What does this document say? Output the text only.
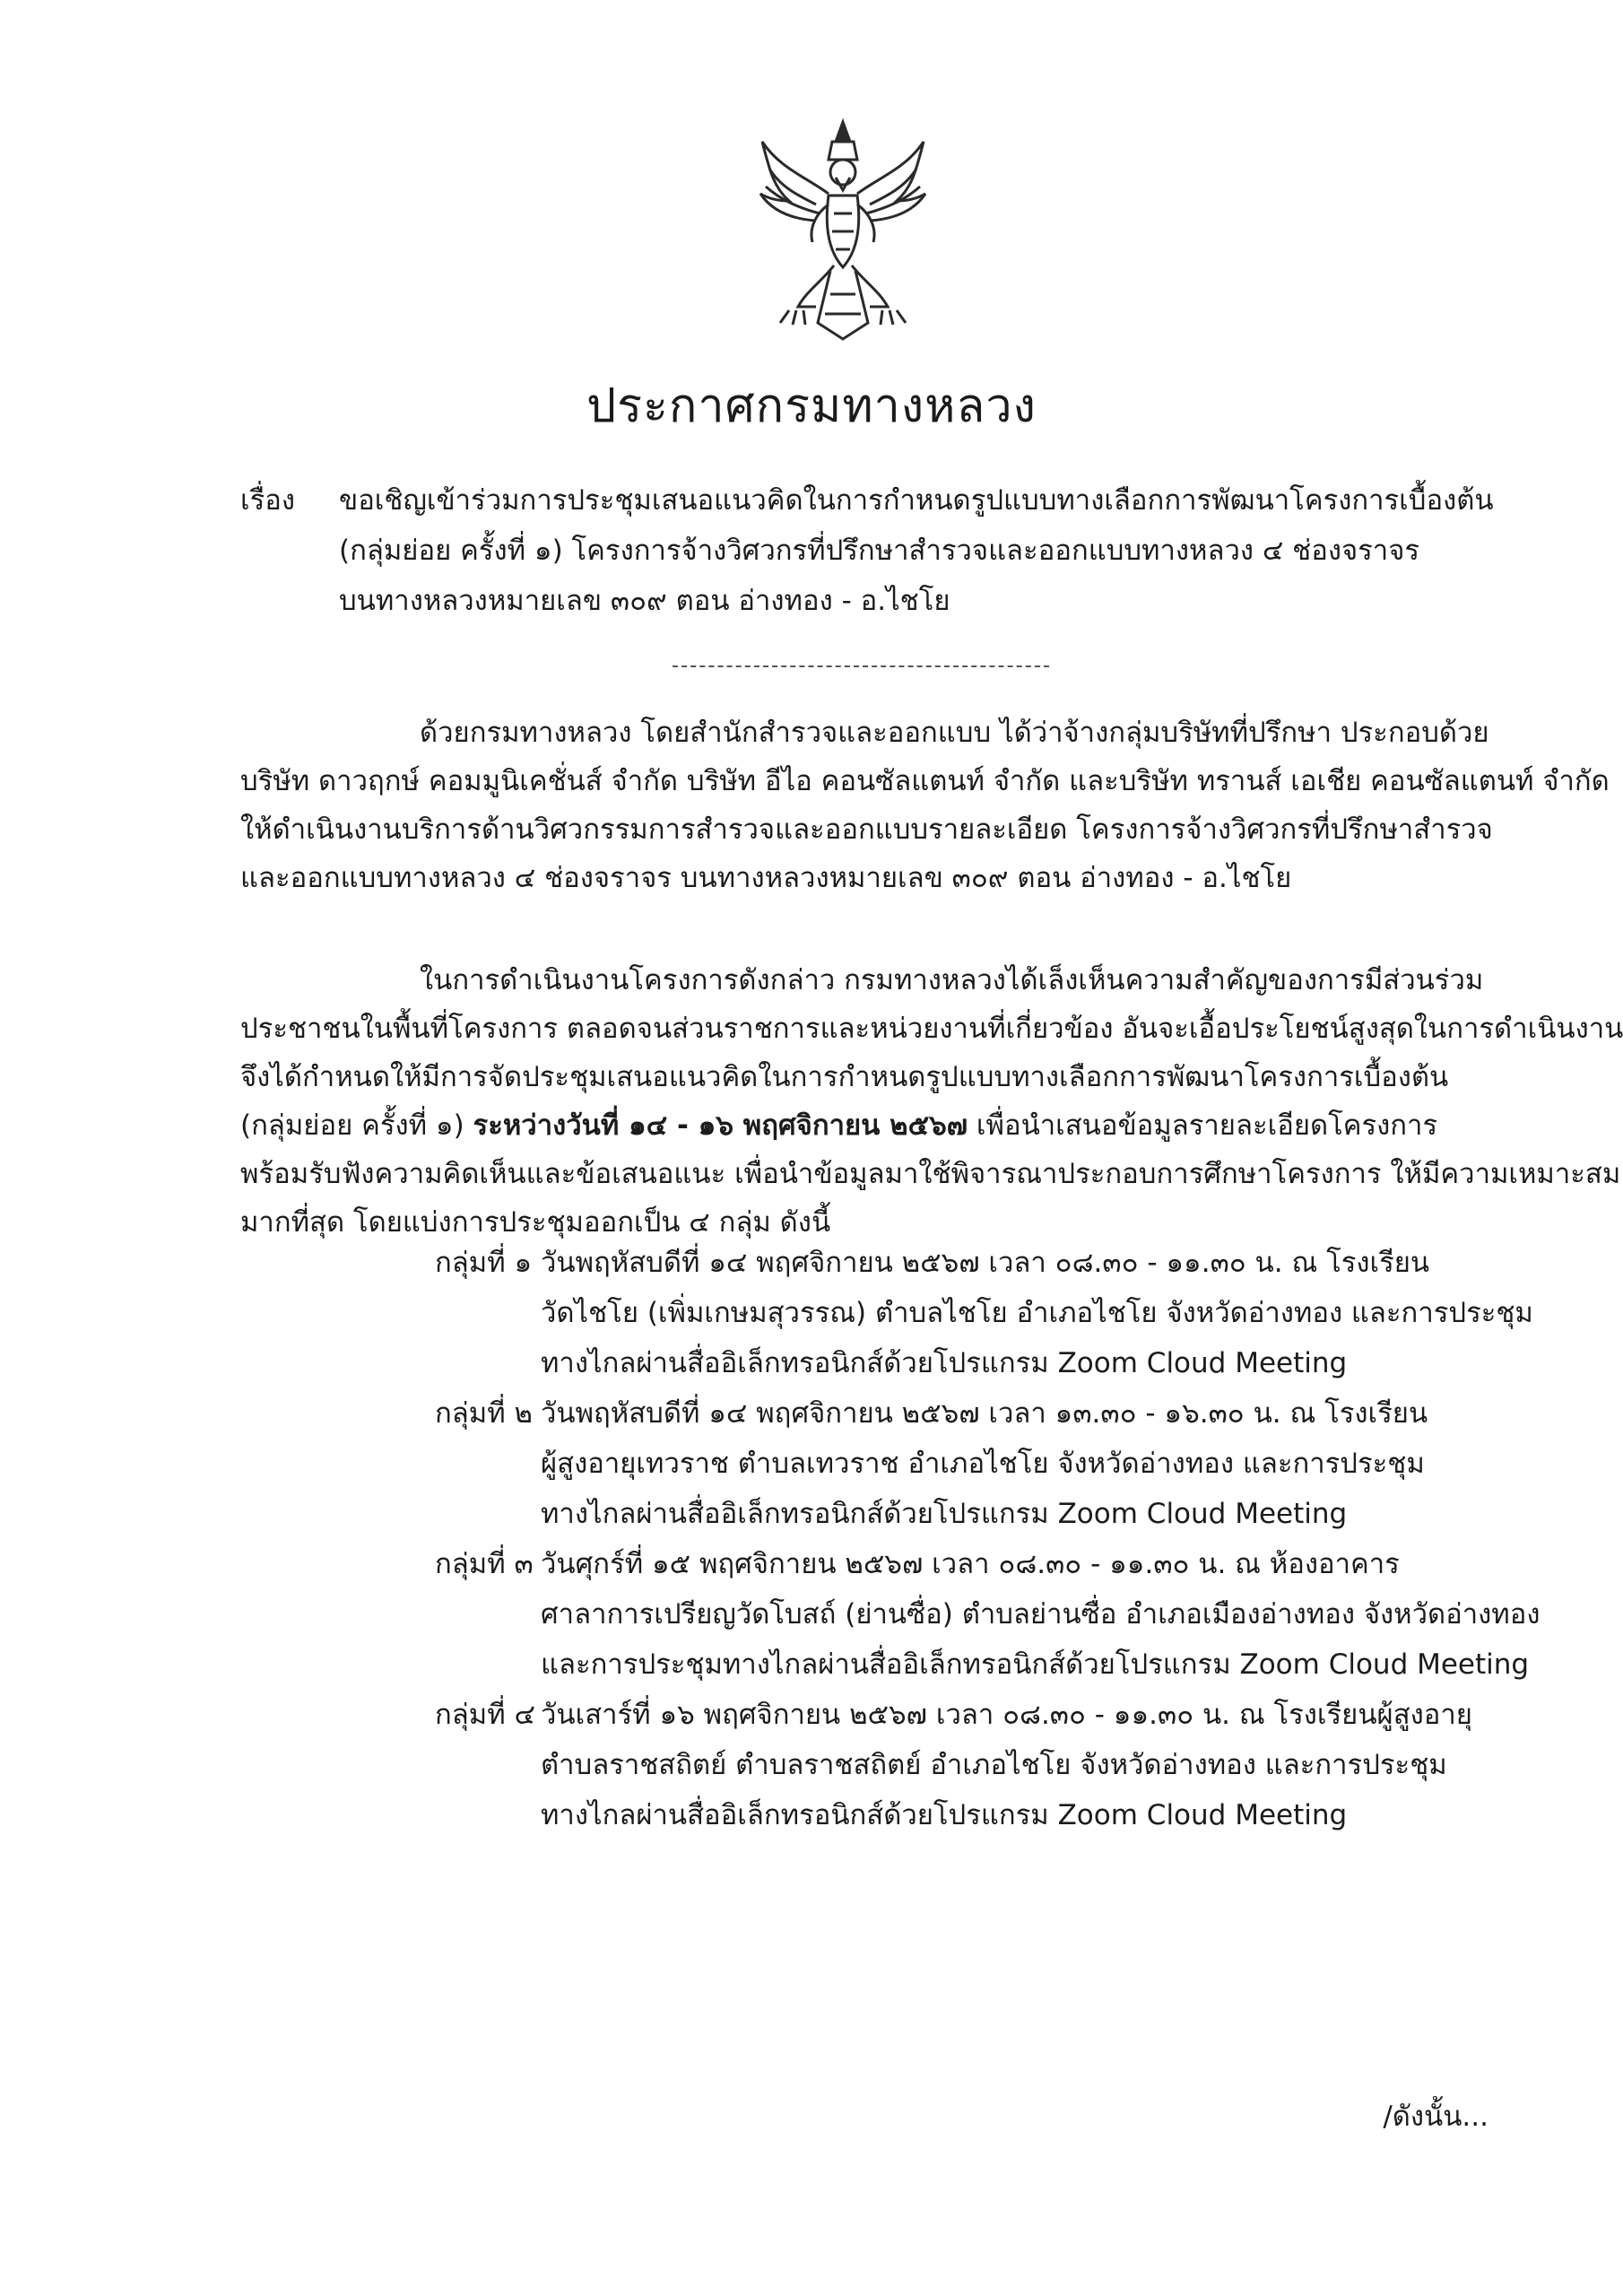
ประกาศกรมทางหลวง
เรื่อง ขอเชิญเข้าร่วมการประชุมเสนอแนวคิดในการกำหนดรูปแบบทางเลือกการพัฒนาโครงการเบื้องต้น
(กลุ่มย่อย ครั้งที่ ๑) โครงการจ้างวิศวกรที่ปรึกษาสำรวจและออกแบบทางหลวง ๔ ช่องจราจร
บนทางหลวงหมายเลข ๓๐๙ ตอน อ่างทอง - อ.ไชโย
ด้วยกรมทางหลวง โดยสำนักสำรวจและออกแบบ ได้ว่าจ้างกลุ่มบริษัทที่ปรึกษา ประกอบด้วย
บริษัท ดาวฤกษ์ คอมมูนิเคชั่นส์ จำกัด บริษัท อีไอ คอนซัลแตนท์ จำกัด และบริษัท ทรานส์ เอเชีย คอนซัลแตนท์ จำกัด
ให้ดำเนินงานบริการด้านวิศวกรรมการสำรวจและออกแบบรายละเอียด โครงการจ้างวิศวกรที่ปรึกษาสำรวจ
และออกแบบทางหลวง ๔ ช่องจราจร บนทางหลวงหมายเลข ๓๐๙ ตอน อ่างทอง - อ.ไชโย
ในการดำเนินงานโครงการดังกล่าว กรมทางหลวงได้เล็งเห็นความสำคัญของการมีส่วนร่วม
ประชาชนในพื้นที่โครงการ ตลอดจนส่วนราชการและหน่วยงานที่เกี่ยวข้อง อันจะเอื้อประโยชน์สูงสุดในการดำเนินงาน
จึงได้กำหนดให้มีการจัดประชุมเสนอแนวคิดในการกำหนดรูปแบบทางเลือกการพัฒนาโครงการเบื้องต้น
(กลุ่มย่อย ครั้งที่ ๑) ระหว่างวันที่ ๑๔ - ๑๖ พฤศจิกายน ๒๕๖๗ เพื่อนำเสนอข้อมูลรายละเอียดโครงการ
พร้อมรับฟังความคิดเห็นและข้อเสนอแนะ เพื่อนำข้อมูลมาใช้พิจารณาประกอบการศึกษาโครงการ ให้มีความเหมาะสม
มากที่สุด โดยแบ่งการประชุมออกเป็น ๔ กลุ่ม ดังนี้
กลุ่มที่ ๑ วันพฤหัสบดีที่ ๑๔ พฤศจิกายน ๒๕๖๗ เวลา ๐๘.๓๐ - ๑๑.๓๐ น. ณ โรงเรียน
วัดไชโย (เพิ่มเกษมสุวรรณ) ตำบลไชโย อำเภอไชโย จังหวัดอ่างทอง และการประชุม
ทางไกลผ่านสื่ออิเล็กทรอนิกส์ด้วยโปรแกรม Zoom Cloud Meeting
กลุ่มที่ ๒ วันพฤหัสบดีที่ ๑๔ พฤศจิกายน ๒๕๖๗ เวลา ๑๓.๓๐ - ๑๖.๓๐ น. ณ โรงเรียน
ผู้สูงอายุเทวราช ตำบลเทวราช อำเภอไชโย จังหวัดอ่างทอง และการประชุม
ทางไกลผ่านสื่ออิเล็กทรอนิกส์ด้วยโปรแกรม Zoom Cloud Meeting
กลุ่มที่ ๓ วันศุกร์ที่ ๑๕ พฤศจิกายน ๒๕๖๗ เวลา ๐๘.๓๐ - ๑๑.๓๐ น. ณ ห้องอาคาร
ศาลาการเปรียญวัดโบสถ์ (ย่านซื่อ) ตำบลย่านซื่อ อำเภอเมืองอ่างทอง จังหวัดอ่างทอง
และการประชุมทางไกลผ่านสื่ออิเล็กทรอนิกส์ด้วยโปรแกรม Zoom Cloud Meeting
กลุ่มที่ ๔ วันเสาร์ที่ ๑๖ พฤศจิกายน ๒๕๖๗ เวลา ๐๘.๓๐ - ๑๑.๓๐ น. ณ โรงเรียนผู้สูงอายุ
ตำบลราชสถิตย์ ตำบลราชสถิตย์ อำเภอไชโย จังหวัดอ่างทอง และการประชุม
ทางไกลผ่านสื่ออิเล็กทรอนิกส์ด้วยโปรแกรม Zoom Cloud Meeting
/ดังนั้น...
